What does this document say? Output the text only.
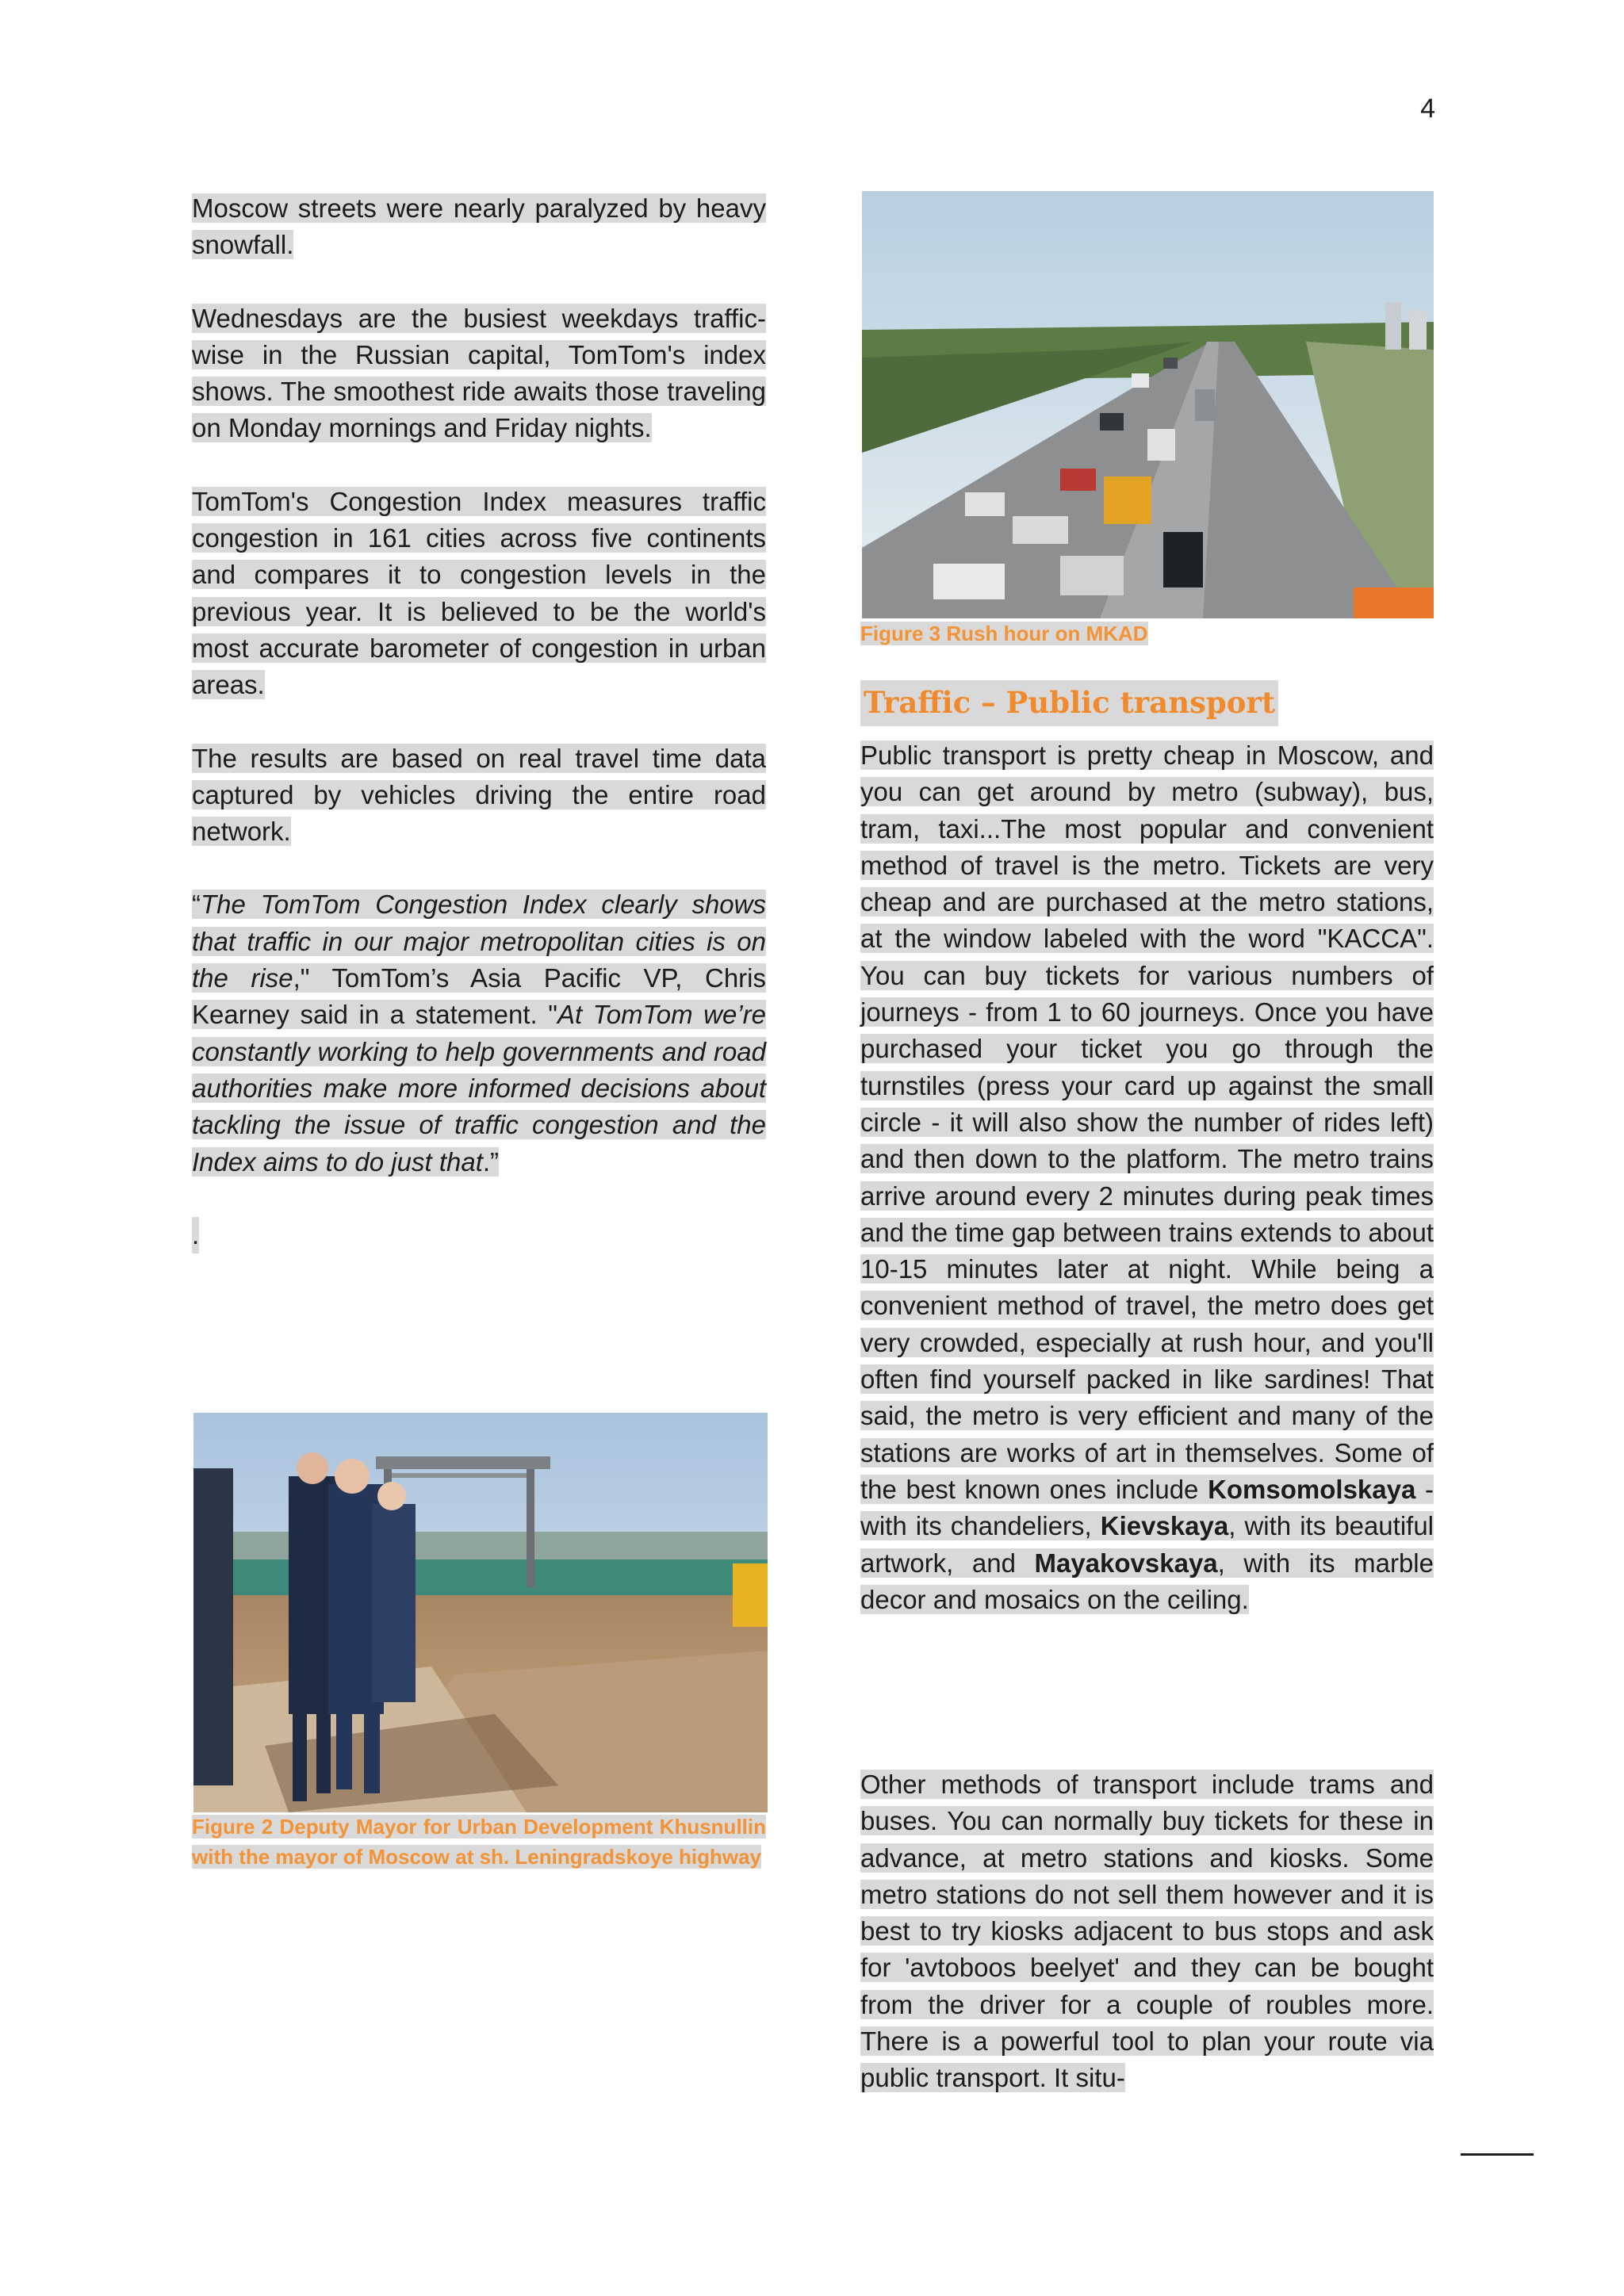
4

Moscow streets were nearly paralyzed by heavy snowfall.

Wednesdays are the busiest weekdays traffic-wise in the Russian capital, TomTom's index shows. The smoothest ride awaits those traveling on Monday mornings and Friday nights.

TomTom's Congestion Index measures traffic congestion in 161 cities across five continents and compares it to congestion levels in the previous year. It is believed to be the world's most accurate barometer of congestion in urban areas.

The results are based on real travel time data captured by vehicles driving the entire road network.

“The TomTom Congestion Index clearly shows that traffic in our major metropolitan cities is on the rise," TomTom’s Asia Pacific VP, Chris Kearney said in a statement. "At TomTom we’re constantly working to help governments and road authorities make more informed decisions about tackling the issue of traffic congestion and the Index aims to do just that.”

.

Figure 2 Deputy Mayor for Urban Development Khusnullin with the mayor of Moscow at sh. Leningradskoye highway
Figure 3 Rush hour on MKAD
Traffic – Public transport

Public transport is pretty cheap in Moscow, and you can get around by metro (subway), bus, tram, taxi...The most popular and convenient method of travel is the metro. Tickets are very cheap and are purchased at the metro stations, at the window labeled with the word "KACCA". You can buy tickets for various numbers of journeys - from 1 to 60 journeys. Once you have purchased your ticket you go through the turnstiles (press your card up against the small circle - it will also show the number of rides left) and then down to the platform. The metro trains arrive around every 2 minutes during peak times and the time gap between trains extends to about 10-15 minutes later at night. While being a convenient method of travel, the metro does get very crowded, especially at rush hour, and you'll often find yourself packed in like sardines! That said, the metro is very efficient and many of the stations are works of art in themselves. Some of the best known ones include Komsomolskaya - with its chandeliers, Kievskaya, with its beautiful artwork, and Mayakovskaya, with its marble decor and mosaics on the ceiling.

Other methods of transport include trams and buses. You can normally buy tickets for these in advance, at metro stations and kiosks. Some metro stations do not sell them however and it is best to try kiosks adjacent to bus stops and ask for 'avtoboos beelyet' and they can be bought from the driver for a couple of roubles more. There is a powerful tool to plan your route via public transport. It situ-
